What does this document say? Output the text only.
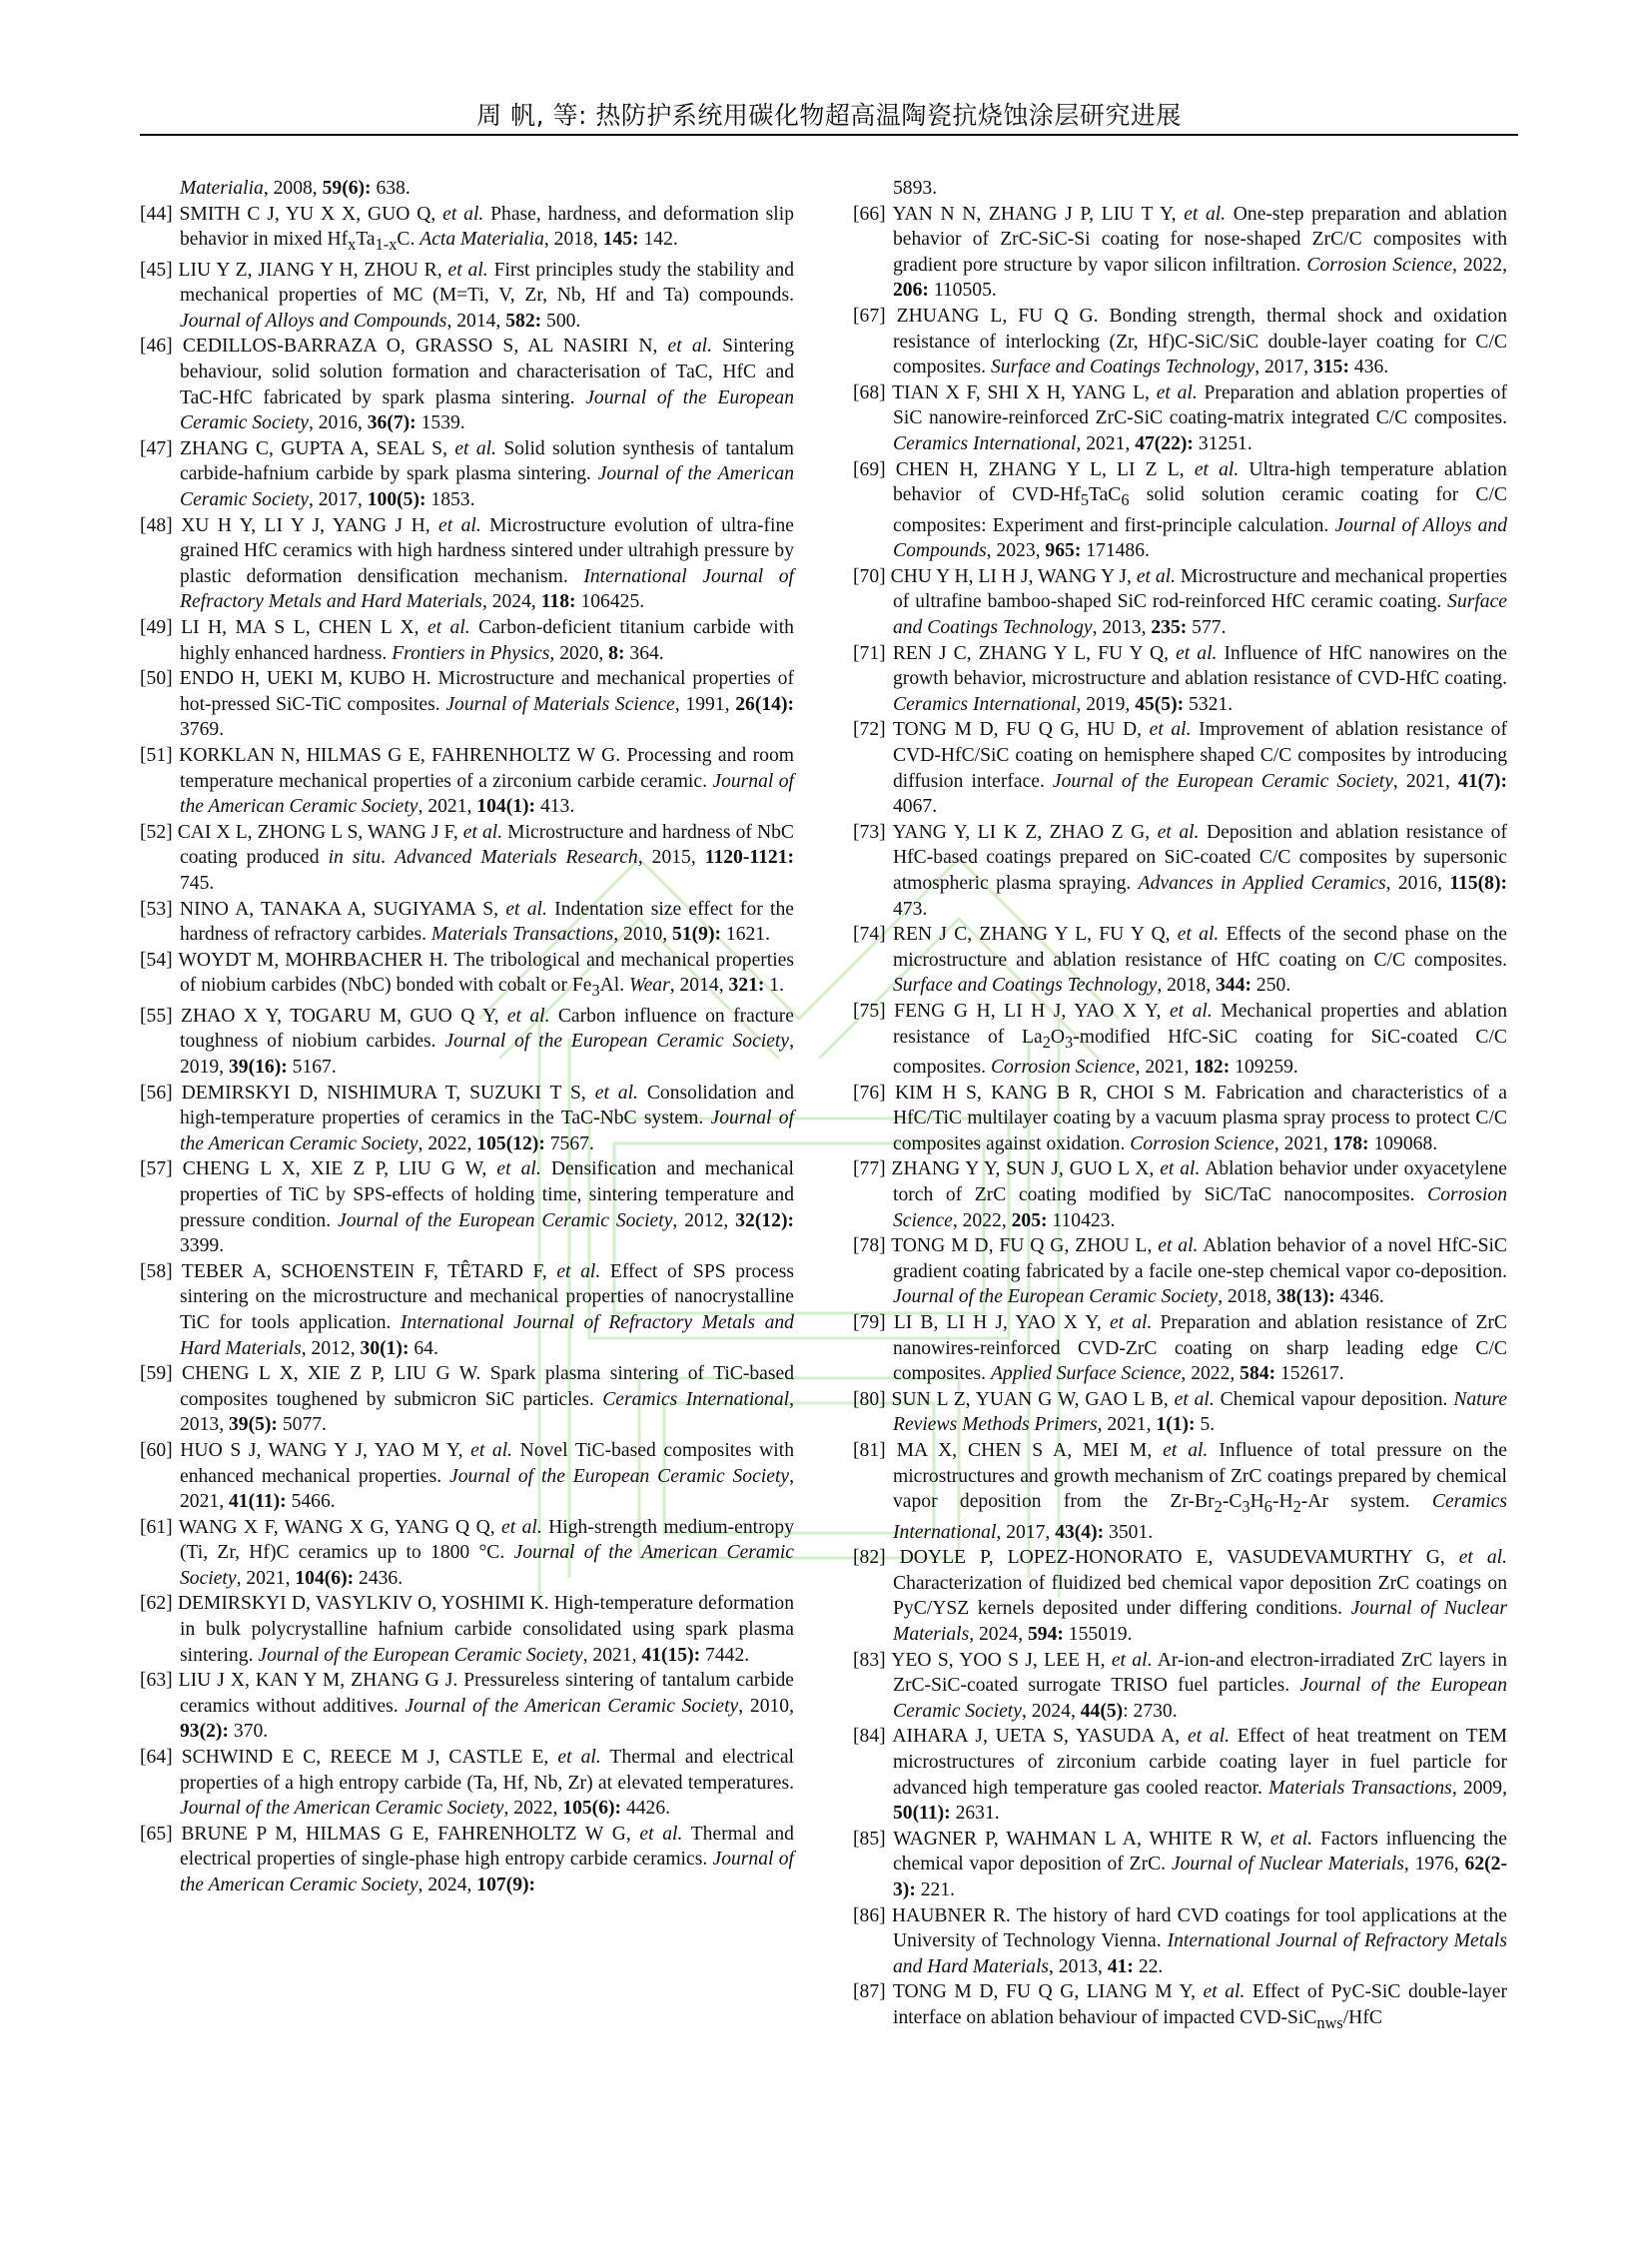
周 帆, 等: 热防护系统用碳化物超高温陶瓷抗烧蚀涂层研究进展
Materialia, 2008, 59(6): 638.

[44] SMITH C J, YU X X, GUO Q, et al. Phase, hardness, and deformation slip behavior in mixed $Hf_xTa_{1-x}C$. Acta Materialia, 2018, 145: 142.

[45] LIU Y Z, JIANG Y H, ZHOU R, et al. First principles study the stability and mechanical properties of MC (M=Ti, V, Zr, Nb, Hf and Ta) compounds. Journal of Alloys and Compounds, 2014, 582: 500.

[46] CEDILLOS-BARRAZA O, GRASSO S, AL NASIRI N, et al. Sintering behaviour, solid solution formation and characterisation of TaC, HfC and TaC-HfC fabricated by spark plasma sintering. Journal of the European Ceramic Society, 2016, 36(7): 1539.

[47] ZHANG C, GUPTA A, SEAL S, et al. Solid solution synthesis of tantalum carbide-hafnium carbide by spark plasma sintering. Journal of the American Ceramic Society, 2017, 100(5): 1853.

[48] XU H Y, LI Y J, YANG J H, et al. Microstructure evolution of ultra-fine grained HfC ceramics with high hardness sintered under ultrahigh pressure by plastic deformation densification mechanism. International Journal of Refractory Metals and Hard Materials, 2024, 118: 106425.

[49] LI H, MA S L, CHEN L X, et al. Carbon-deficient titanium carbide with highly enhanced hardness. Frontiers in Physics, 2020, 8: 364.

[50] ENDO H, UEKI M, KUBO H. Microstructure and mechanical properties of hot-pressed SiC-TiC composites. Journal of Materials Science, 1991, 26(14): 3769.

[51] KORKLAN N, HILMAS G E, FAHRENHOLTZ W G. Processing and room temperature mechanical properties of a zirconium carbide ceramic. Journal of the American Ceramic Society, 2021, 104(1): 413.

[52] CAI X L, ZHONG L S, WANG J F, et al. Microstructure and hardness of NbC coating produced in situ. Advanced Materials Research, 2015, 1120-1121: 745.

[53] NINO A, TANAKA A, SUGIYAMA S, et al. Indentation size effect for the hardness of refractory carbides. Materials Transactions, 2010, 51(9): 1621.

[54] WOYDT M, MOHRBACHER H. The tribological and mechanical properties of niobium carbides (NbC) bonded with cobalt or $Fe_3Al$. Wear, 2014, 321: 1.

[55] ZHAO X Y, TOGARU M, GUO Q Y, et al. Carbon influence on fracture toughness of niobium carbides. Journal of the European Ceramic Society, 2019, 39(16): 5167.

[56] DEMIRSKYI D, NISHIMURA T, SUZUKI T S, et al. Consolidation and high‐temperature properties of ceramics in the TaC‐NbC system. Journal of the American Ceramic Society, 2022, 105(12): 7567.

[57] CHENG L X, XIE Z P, LIU G W, et al. Densification and mechanical properties of TiC by SPS-effects of holding time, sintering temperature and pressure condition. Journal of the European Ceramic Society, 2012, 32(12): 3399.

[58] TEBER A, SCHOENSTEIN F, TÊTARD F, et al. Effect of SPS process sintering on the microstructure and mechanical properties of nanocrystalline TiC for tools application. International Journal of Refractory Metals and Hard Materials, 2012, 30(1): 64.

[59] CHENG L X, XIE Z P, LIU G W. Spark plasma sintering of TiC-based composites toughened by submicron SiC particles. Ceramics International, 2013, 39(5): 5077.

[60] HUO S J, WANG Y J, YAO M Y, et al. Novel TiC-based composites with enhanced mechanical properties. Journal of the European Ceramic Society, 2021, 41(11): 5466.

[61] WANG X F, WANG X G, YANG Q Q, et al. High‐strength medium‐entropy (Ti, Zr, Hf)C ceramics up to 1800 °C. Journal of the American Ceramic Society, 2021, 104(6): 2436.

[62] DEMIRSKYI D, VASYLKIV O, YOSHIMI K. High-temperature deformation in bulk polycrystalline hafnium carbide consolidated using spark plasma sintering. Journal of the European Ceramic Society, 2021, 41(15): 7442.

[63] LIU J X, KAN Y M, ZHANG G J. Pressureless sintering of tantalum carbide ceramics without additives. Journal of the American Ceramic Society, 2010, 93(2): 370.

[64] SCHWIND E C, REECE M J, CASTLE E, et al. Thermal and electrical properties of a high entropy carbide (Ta, Hf, Nb, Zr) at elevated temperatures. Journal of the American Ceramic Society, 2022, 105(6): 4426.

[65] BRUNE P M, HILMAS G E, FAHRENHOLTZ W G, et al. Thermal and electrical properties of single‐phase high entropy carbide ceramics. Journal of the American Ceramic Society, 2024, 107(9):

5893.

[66] YAN N N, ZHANG J P, LIU T Y, et al. One-step preparation and ablation behavior of ZrC-SiC-Si coating for nose-shaped ZrC/C composites with gradient pore structure by vapor silicon infiltration. Corrosion Science, 2022, 206: 110505.

[67] ZHUANG L, FU Q G. Bonding strength, thermal shock and oxidation resistance of interlocking (Zr, Hf)C-SiC/SiC double-layer coating for C/C composites. Surface and Coatings Technology, 2017, 315: 436.

[68] TIAN X F, SHI X H, YANG L, et al. Preparation and ablation properties of SiC nanowire-reinforced ZrC-SiC coating-matrix integrated C/C composites. Ceramics International, 2021, 47(22): 31251.

[69] CHEN H, ZHANG Y L, LI Z L, et al. Ultra-high temperature ablation behavior of CVD-$Hf_5TaC_6$ solid solution ceramic coating for C/C composites: Experiment and first-principle calculation. Journal of Alloys and Compounds, 2023, 965: 171486.

[70] CHU Y H, LI H J, WANG Y J, et al. Microstructure and mechanical properties of ultrafine bamboo-shaped SiC rod-reinforced HfC ceramic coating. Surface and Coatings Technology, 2013, 235: 577.

[71] REN J C, ZHANG Y L, FU Y Q, et al. Influence of HfC nanowires on the growth behavior, microstructure and ablation resistance of CVD-HfC coating. Ceramics International, 2019, 45(5): 5321.

[72] TONG M D, FU Q G, HU D, et al. Improvement of ablation resistance of CVD-HfC/SiC coating on hemisphere shaped C/C composites by introducing diffusion interface. Journal of the European Ceramic Society, 2021, 41(7): 4067.

[73] YANG Y, LI K Z, ZHAO Z G, et al. Deposition and ablation resistance of HfC-based coatings prepared on SiC-coated C/C composites by supersonic atmospheric plasma spraying. Advances in Applied Ceramics, 2016, 115(8): 473.

[74] REN J C, ZHANG Y L, FU Y Q, et al. Effects of the second phase on the microstructure and ablation resistance of HfC coating on C/C composites. Surface and Coatings Technology, 2018, 344: 250.

[75] FENG G H, LI H J, YAO X Y, et al. Mechanical properties and ablation resistance of $La_2O_3$-modified HfC-SiC coating for SiC-coated C/C composites. Corrosion Science, 2021, 182: 109259.

[76] KIM H S, KANG B R, CHOI S M. Fabrication and characteristics of a HfC/TiC multilayer coating by a vacuum plasma spray process to protect C/C composites against oxidation. Corrosion Science, 2021, 178: 109068.

[77] ZHANG Y Y, SUN J, GUO L X, et al. Ablation behavior under oxyacetylene torch of ZrC coating modified by SiC/TaC nanocomposites. Corrosion Science, 2022, 205: 110423.

[78] TONG M D, FU Q G, ZHOU L, et al. Ablation behavior of a novel HfC-SiC gradient coating fabricated by a facile one-step chemical vapor co-deposition. Journal of the European Ceramic Society, 2018, 38(13): 4346.

[79] LI B, LI H J, YAO X Y, et al. Preparation and ablation resistance of ZrC nanowires-reinforced CVD-ZrC coating on sharp leading edge C/C composites. Applied Surface Science, 2022, 584: 152617.

[80] SUN L Z, YUAN G W, GAO L B, et al. Chemical vapour deposition. Nature Reviews Methods Primers, 2021, 1(1): 5.

[81] MA X, CHEN S A, MEI M, et al. Influence of total pressure on the microstructures and growth mechanism of ZrC coatings prepared by chemical vapor deposition from the $Zr-Br_2-C_3H_6-H_2-Ar$ system. Ceramics International, 2017, 43(4): 3501.

[82] DOYLE P, LOPEZ-HONORATO E, VASUDEVAMURTHY G, et al. Characterization of fluidized bed chemical vapor deposition ZrC coatings on PyC/YSZ kernels deposited under differing conditions. Journal of Nuclear Materials, 2024, 594: 155019.

[83] YEO S, YOO S J, LEE H, et al. Ar-ion-and electron-irradiated ZrC layers in ZrC-SiC-coated surrogate TRISO fuel particles. Journal of the European Ceramic Society, 2024, 44(5): 2730.

[84] AIHARA J, UETA S, YASUDA A, et al. Effect of heat treatment on TEM microstructures of zirconium carbide coating layer in fuel particle for advanced high temperature gas cooled reactor. Materials Transactions, 2009, 50(11): 2631.

[85] WAGNER P, WAHMAN L A, WHITE R W, et al. Factors influencing the chemical vapor deposition of ZrC. Journal of Nuclear Materials, 1976, 62(2-3): 221.

[86] HAUBNER R. The history of hard CVD coatings for tool applications at the University of Technology Vienna. International Journal of Refractory Metals and Hard Materials, 2013, 41: 22.

[87] TONG M D, FU Q G, LIANG M Y, et al. Effect of PyC-SiC double-layer interface on ablation behaviour of impacted CVD-SiC$_{nws}$/HfC
